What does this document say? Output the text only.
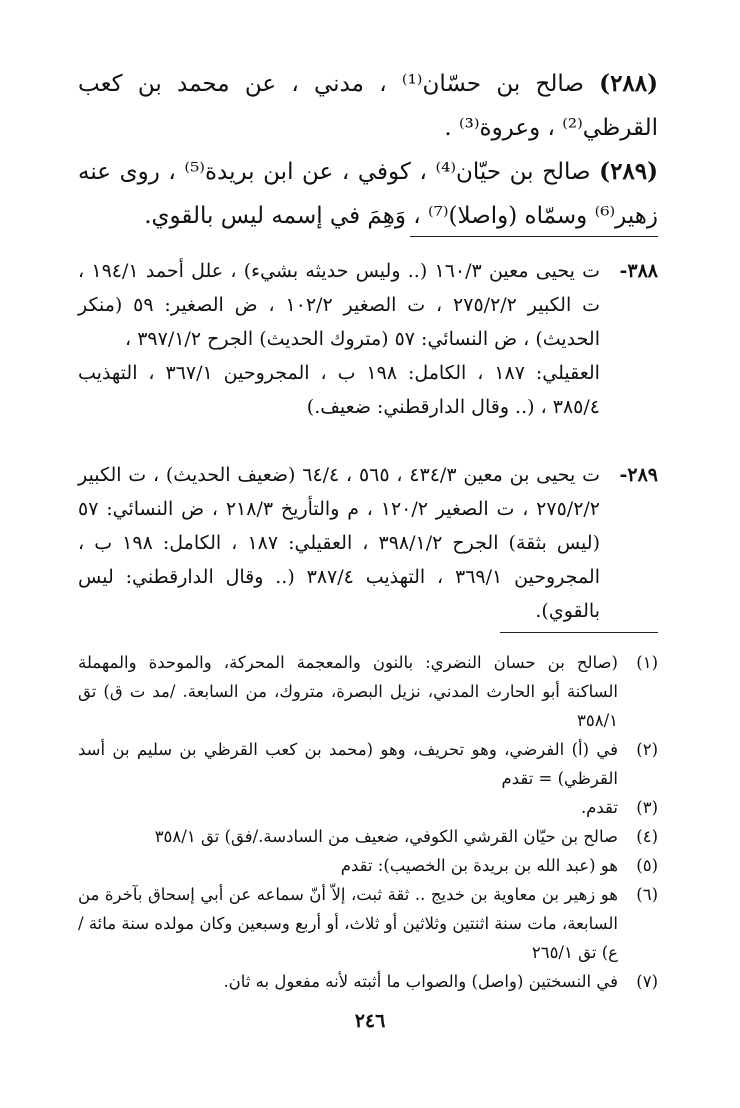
(٢٨٨) صالح بن حسّان⁽¹⁾ ، مدني ، عن محمد بن كعب القرظي⁽²⁾ ، وعروة⁽³⁾ .
(٢٨٩) صالح بن حيّان⁽⁴⁾ ، كوفي ، عن ابن بريدة⁽⁵⁾ ، روى عنه زهير⁽⁶⁾ وسمّاه (واصلا)⁽⁷⁾ ، وَهِمَ في إسمه ليس بالقوي.
٣٨٨-
ت يحيى معين ١٦٠/٣ (.. وليس حديثه بشيء) ، علل أحمد ١٩٤/١ ، ت الكبير ٢٧٥/٢/٢ ، ت الصغير ١٠٢/٢ ، ض الصغير: ٥٩ (منكر الحديث) ، ض النسائي: ٥٧ (متروك الحديث) الجرح ٣٩٧/١/٢ ،
العقيلي: ١٨٧ ، الكامل: ١٩٨ ب ، المجروحين ٣٦٧/١ ، التهذيب ٣٨٥/٤ ، (.. وقال الدارقطني: ضعيف.)
٢٨٩-
ت يحيى بن معين ٤٣٤/٣ ، ٥٦٥ ، ٦٤/٤ (ضعيف الحديث) ، ت الكبير ٢٧٥/٢/٢ ، ت الصغير ١٢٠/٢ ، م والتأريخ ٢١٨/٣ ، ض النسائي: ٥٧ (ليس بثقة) الجرح ٣٩٨/١/٢ ، العقيلي: ١٨٧ ، الكامل: ١٩٨ ب ، المجروحين ٣٦٩/١ ، التهذيب ٣٨٧/٤ (.. وقال الدارقطني: ليس بالقوي).
(١)
(صالح بن حسان النضري: بالنون والمعجمة المحركة، والموحدة والمهملة الساكنة أبو الحارث المدني، نزيل البصرة، متروك، من السابعة. /مد ت ق) تق ٣٥٨/١
(٢)
في (أ) الفرضي، وهو تحريف، وهو (محمد بن كعب القرظي بن سليم بن أسد القرظي) = تقدم
(٣)
تقدم.
(٤)
صالح بن حيّان القرشي الكوفي، ضعيف من السادسة./فق) تق ٣٥٨/١
(٥)
هو (عبد الله بن بريدة بن الخصيب): تقدم
(٦)
هو زهير بن معاوية بن خديج .. ثقة ثبت، إلاّ أنّ سماعه عن أبي إسحاق بآخرة من السابعة، مات سنة اثنتين وثلاثين أو ثلاث، أو أربع وسبعين وكان مولده سنة مائة /ع) تق ٢٦٥/١
(٧)
في النسختين (واصل) والصواب ما أثبته لأنه مفعول به ثان.
٢٤٦
